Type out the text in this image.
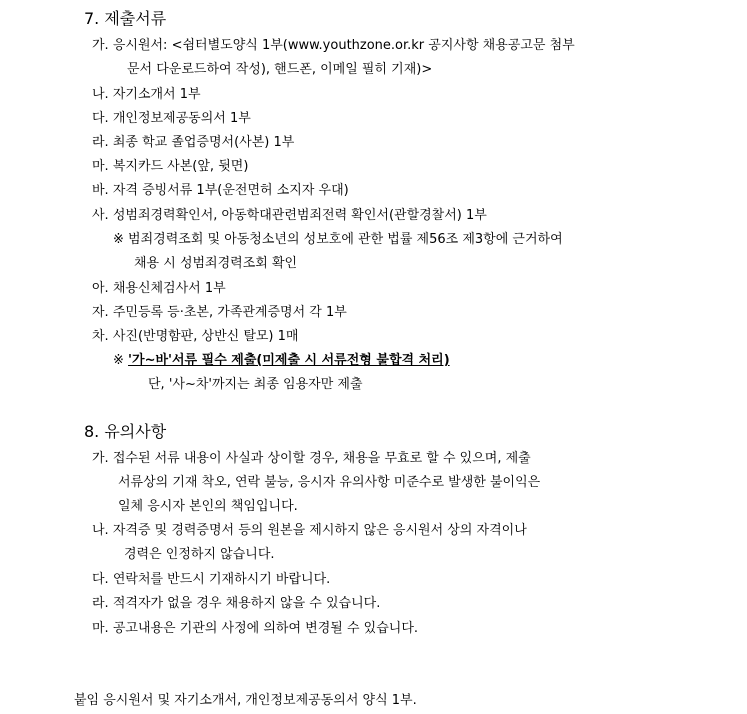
7. 제출서류
가. 응시원서: <쉼터별도양식 1부(www.youthzone.or.kr 공지사항 채용공고문 첨부
문서 다운로드하여 작성), 핸드폰, 이메일 필히 기재)>
나. 자기소개서 1부
다. 개인정보제공동의서 1부
라. 최종 학교 졸업증명서(사본) 1부
마. 복지카드 사본(앞, 뒷면)
바. 자격 증빙서류 1부(운전면허 소지자 우대)
사. 성범죄경력확인서, 아동학대관련범죄전력 확인서(관할경찰서) 1부
※ 범죄경력조회 및 아동청소년의 성보호에 관한 법률 제56조 제3항에 근거하여
채용 시 성범죄경력조회 확인
아. 채용신체검사서 1부
자. 주민등록 등·초본, 가족관계증명서 각 1부
차. 사진(반명함판, 상반신 탈모) 1매
※ '가~바'서류 필수 제출(미제출 시 서류전형 불합격 처리)
단, '사~차'까지는 최종 임용자만 제출
8. 유의사항
가. 접수된 서류 내용이 사실과 상이할 경우, 채용을 무효로 할 수 있으며, 제출
서류상의 기재 착오, 연락 불능, 응시자 유의사항 미준수로 발생한 불이익은
일체 응시자 본인의 책임입니다.
나. 자격증 및 경력증명서 등의 원본을 제시하지 않은 응시원서 상의 자격이나
경력은 인정하지 않습니다.
다. 연락처를 반드시 기재하시기 바랍니다.
라. 적격자가 없을 경우 채용하지 않을 수 있습니다.
마. 공고내용은 기관의 사정에 의하여 변경될 수 있습니다.
붙임 응시원서 및 자기소개서, 개인정보제공동의서 양식 1부.
